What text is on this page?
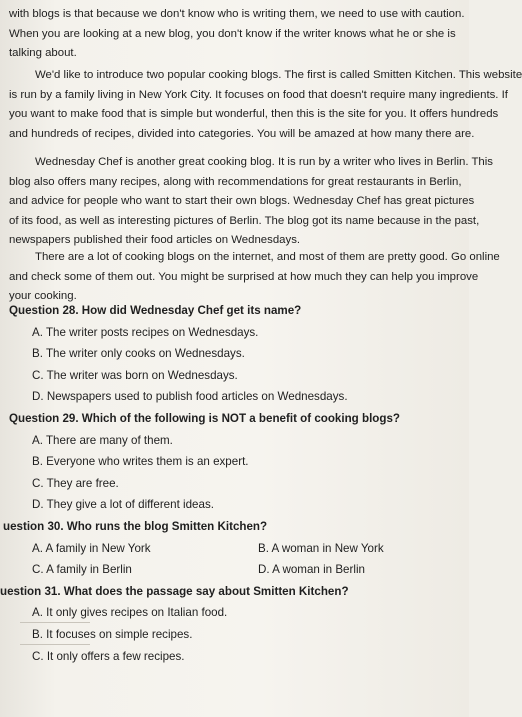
with blogs is that because we don't know who is writing them, we need to use with caution.
When you are looking at a new blog, you don't know if the writer knows what he or she is
talking about.
We'd like to introduce two popular cooking blogs. The first is called Smitten Kitchen. This website
is run by a family living in New York City. It focuses on food that doesn't require many ingredients. If
you want to make food that is simple but wonderful, then this is the site for you. It offers hundreds
and hundreds of recipes, divided into categories. You will be amazed at how many there are.
Wednesday Chef is another great cooking blog. It is run by a writer who lives in Berlin. This
blog also offers many recipes, along with recommendations for great restaurants in Berlin,
and advice for people who want to start their own blogs. Wednesday Chef has great pictures
of its food, as well as interesting pictures of Berlin. The blog got its name because in the past,
newspapers published their food articles on Wednesdays.
There are a lot of cooking blogs on the internet, and most of them are pretty good. Go online
and check some of them out. You might be surprised at how much they can help you improve
your cooking.
Question 28. How did Wednesday Chef get its name?
A. The writer posts recipes on Wednesdays.
B. The writer only cooks on Wednesdays.
C. The writer was born on Wednesdays.
D. Newspapers used to publish food articles on Wednesdays.
Question 29. Which of the following is NOT a benefit of cooking blogs?
A. There are many of them.
B. Everyone who writes them is an expert.
C. They are free.
D. They give a lot of different ideas.
uestion 30. Who runs the blog Smitten Kitchen?
A. A family in New York	B. A woman in New York
C. A family in Berlin	D. A woman in Berlin
uestion 31. What does the passage say about Smitten Kitchen?
A. It only gives recipes on Italian food.
B. It focuses on simple recipes.
C. It only offers a few recipes.
